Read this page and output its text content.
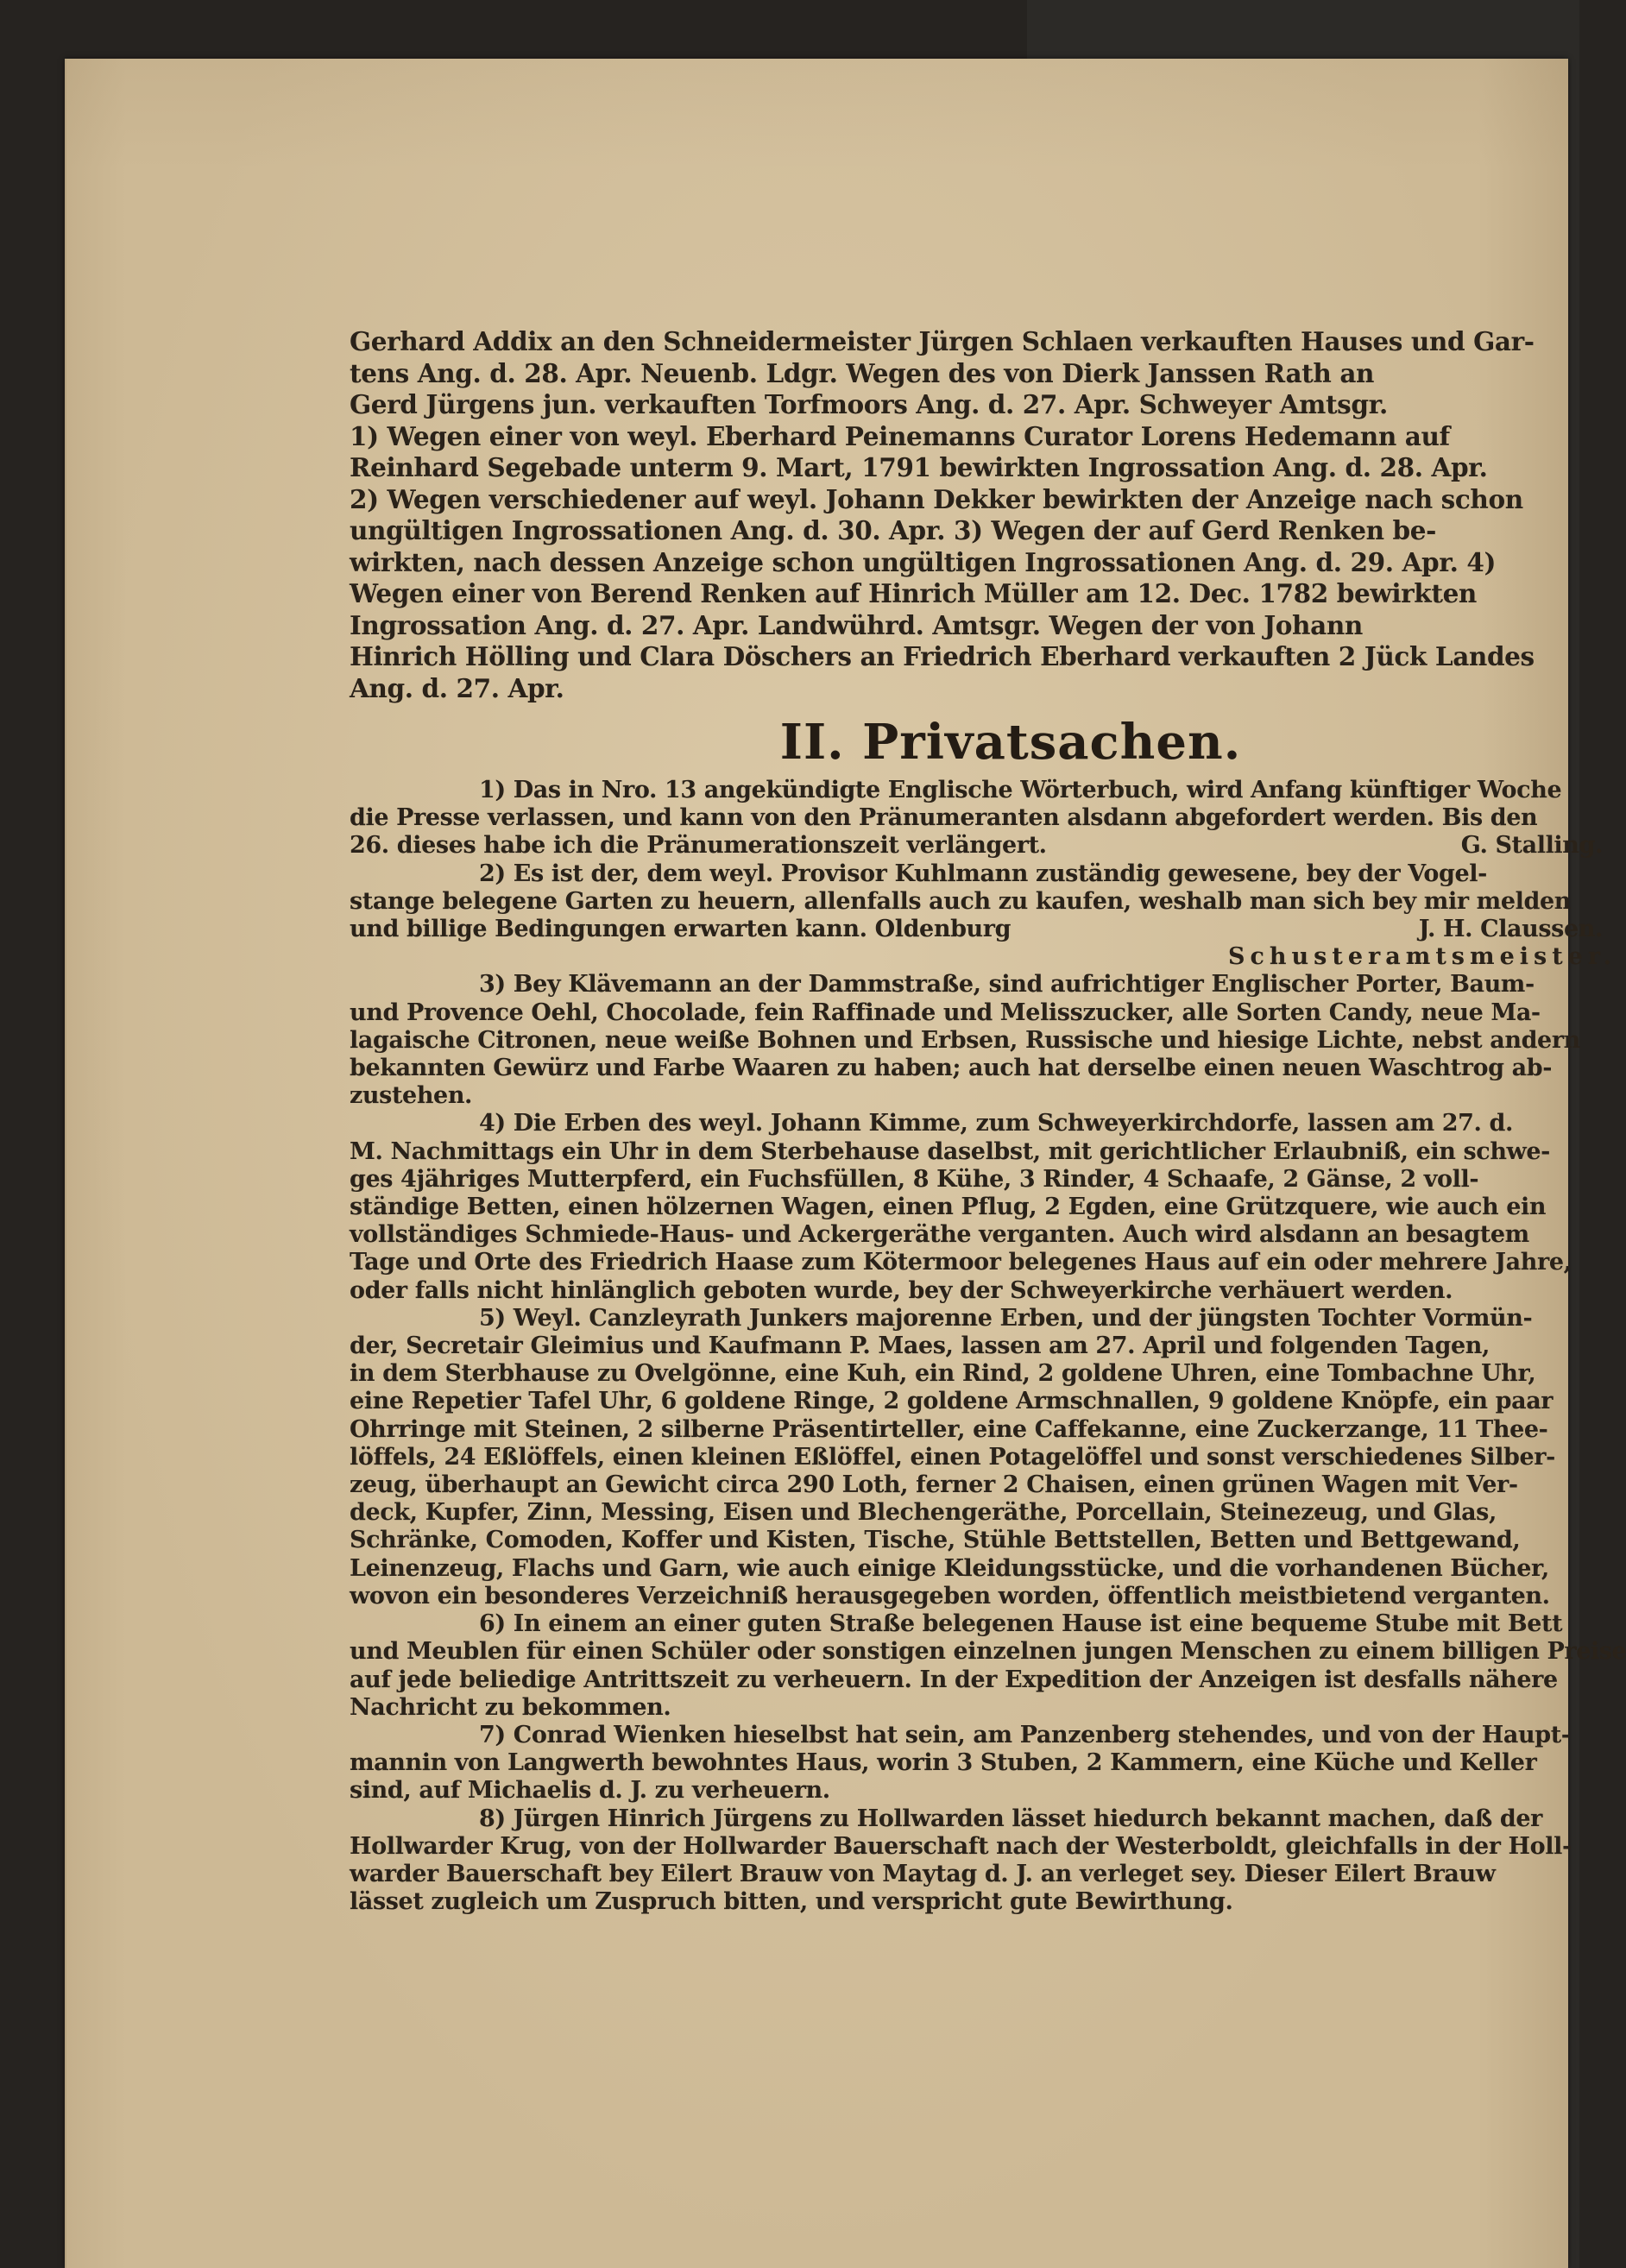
Gerhard Addix an den Schneidermeister Jürgen Schlaen verkauften Hauses und Gar-
tens Ang. d. 28. Apr. Neuenb. Ldgr. Wegen des von Dierk Janssen Rath an
Gerd Jürgens jun. verkauften Torfmoors Ang. d. 27. Apr. Schweyer Amtsgr.
1) Wegen einer von weyl. Eberhard Peinemanns Curator Lorens Hedemann auf
Reinhard Segebade unterm 9. Mart, 1791 bewirkten Ingrossation Ang. d. 28. Apr.
2) Wegen verschiedener auf weyl. Johann Dekker bewirkten der Anzeige nach schon
ungültigen Ingrossationen Ang. d. 30. Apr. 3) Wegen der auf Gerd Renken be-
wirkten, nach dessen Anzeige schon ungültigen Ingrossationen Ang. d. 29. Apr. 4)
Wegen einer von Berend Renken auf Hinrich Müller am 12. Dec. 1782 bewirkten
Ingrossation Ang. d. 27. Apr. Landwührd. Amtsgr. Wegen der von Johann
Hinrich Hölling und Clara Döschers an Friedrich Eberhard verkauften 2 Jück Landes
Ang. d. 27. Apr.
II. Privatsachen.
1) Das in Nro. 13 angekündigte Englische Wörterbuch, wird Anfang künftiger Woche
die Presse verlassen, und kann von den Pränumeranten alsdann abgefordert werden. Bis den
26. dieses habe ich die Pränumerationszeit verlängert.	G. Stalling.
2) Es ist der, dem weyl. Provisor Kuhlmann zuständig gewesene, bey der Vogel-
stange belegene Garten zu heuern, allenfalls auch zu kaufen, weshalb man sich bey mir melden
und billige Bedingungen erwarten kann. Oldenburg	J. H. Claussen.
Schusteramtsmeister.
3) Bey Klävemann an der Dammstraße, sind aufrichtiger Englischer Porter, Baum-
und Provence Oehl, Chocolade, fein Raffinade und Melisszucker, alle Sorten Candy, neue Ma-
lagaische Citronen, neue weiße Bohnen und Erbsen, Russische und hiesige Lichte, nebst andern
bekannten Gewürz und Farbe Waaren zu haben; auch hat derselbe einen neuen Waschtrog ab-
zustehen.
4) Die Erben des weyl. Johann Kimme, zum Schweyerkirchdorfe, lassen am 27. d.
M. Nachmittags ein Uhr in dem Sterbehause daselbst, mit gerichtlicher Erlaubniß, ein schwe-
ges 4jähriges Mutterpferd, ein Fuchsfüllen, 8 Kühe, 3 Rinder, 4 Schaafe, 2 Gänse, 2 voll-
ständige Betten, einen hölzernen Wagen, einen Pflug, 2 Egden, eine Grützquere, wie auch ein
vollständiges Schmiede-Haus- und Ackergeräthe verganten. Auch wird alsdann an besagtem
Tage und Orte des Friedrich Haase zum Kötermoor belegenes Haus auf ein oder mehrere Jahre,
oder falls nicht hinlänglich geboten wurde, bey der Schweyerkirche verhäuert werden.
5) Weyl. Canzleyrath Junkers majorenne Erben, und der jüngsten Tochter Vormün-
der, Secretair Gleimius und Kaufmann P. Maes, lassen am 27. April und folgenden Tagen,
in dem Sterbhause zu Ovelgönne, eine Kuh, ein Rind, 2 goldene Uhren, eine Tombachne Uhr,
eine Repetier Tafel Uhr, 6 goldene Ringe, 2 goldene Armschnallen, 9 goldene Knöpfe, ein paar
Ohrringe mit Steinen, 2 silberne Präsentirteller, eine Caffekanne, eine Zuckerzange, 11 Thee-
löffels, 24 Eßlöffels, einen kleinen Eßlöffel, einen Potagelöffel und sonst verschiedenes Silber-
zeug, überhaupt an Gewicht circa 290 Loth, ferner 2 Chaisen, einen grünen Wagen mit Ver-
deck, Kupfer, Zinn, Messing, Eisen und Blechengeräthe, Porcellain, Steinezeug, und Glas,
Schränke, Comoden, Koffer und Kisten, Tische, Stühle Bettstellen, Betten und Bettgewand,
Leinenzeug, Flachs und Garn, wie auch einige Kleidungsstücke, und die vorhandenen Bücher,
wovon ein besonderes Verzeichniß herausgegeben worden, öffentlich meistbietend verganten.
6) In einem an einer guten Straße belegenen Hause ist eine bequeme Stube mit Bett
und Meublen für einen Schüler oder sonstigen einzelnen jungen Menschen zu einem billigen Preise
auf jede beliedige Antrittszeit zu verheuern. In der Expedition der Anzeigen ist desfalls nähere
Nachricht zu bekommen.
7) Conrad Wienken hieselbst hat sein, am Panzenberg stehendes, und von der Haupt-
mannin von Langwerth bewohntes Haus, worin 3 Stuben, 2 Kammern, eine Küche und Keller
sind, auf Michaelis d. J. zu verheuern.
8) Jürgen Hinrich Jürgens zu Hollwarden lässet hiedurch bekannt machen, daß der
Hollwarder Krug, von der Hollwarder Bauerschaft nach der Westerboldt, gleichfalls in der Holl-
warder Bauerschaft bey Eilert Brauw von Maytag d. J. an verleget sey. Dieser Eilert Brauw
lässet zugleich um Zuspruch bitten, und verspricht gute Bewirthung.
